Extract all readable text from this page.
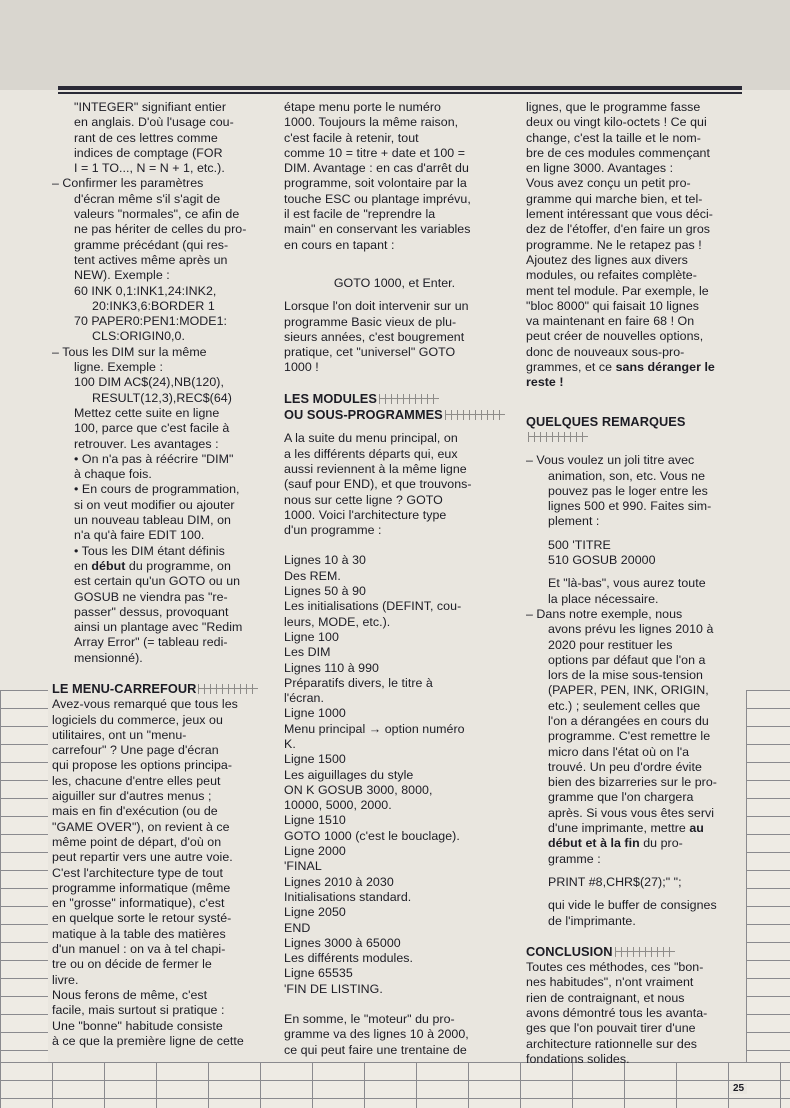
25

"INTEGER" signifiant entier

en anglais. D'où l'usage cou-

rant de ces lettres comme

indices de comptage (FOR

I = 1 TO..., N = N + 1, etc.).

– Confirmer les paramètres

d'écran même s'il s'agit de

valeurs "normales", ce afin de

ne pas hériter de celles du pro-

gramme précédant (qui res-

tent actives même après un

NEW). Exemple :

60 INK 0,1:INK1,24:INK2,

20:INK3,6:BORDER 1

70 PAPER0:PEN1:MODE1:

CLS:ORIGIN0,0.

– Tous les DIM sur la même

ligne. Exemple :

100 DIM AC$(24),NB(120),

RESULT(12,3),REC$(64)

Mettez cette suite en ligne

100, parce que c'est facile à

retrouver. Les avantages :

• On n'a pas à réécrire "DIM"

à chaque fois.

• En cours de programmation,

si on veut modifier ou ajouter

un nouveau tableau DIM, on

n'a qu'à faire EDIT 100.

• Tous les DIM étant définis

en début du programme, on

est certain qu'un GOTO ou un

GOSUB ne viendra pas "re-

passer" dessus, provoquant

ainsi un plantage avec "Redim

Array Error" (= tableau redi-

mensionné).

LE MENU-CARREFOUR

Avez-vous remarqué que tous les

logiciels du commerce, jeux ou

utilitaires, ont un "menu-

carrefour" ? Une page d'écran

qui propose les options principa-

les, chacune d'entre elles peut

aiguiller sur d'autres menus ;

mais en fin d'exécution (ou de

"GAME OVER"), on revient à ce

même point de départ, d'où on

peut repartir vers une autre voie.

C'est l'architecture type de tout

programme informatique (même

en "grosse" informatique), c'est

en quelque sorte le retour systé-

matique à la table des matières

d'un manuel : on va à tel chapi-

tre ou on décide de fermer le

livre.

Nous ferons de même, c'est

facile, mais surtout si pratique :

Une "bonne" habitude consiste

à ce que la première ligne de cette

étape menu porte le numéro

1000. Toujours la même raison,

c'est facile à retenir, tout

comme 10 = titre + date et 100 =

DIM. Avantage : en cas d'arrêt du

programme, soit volontaire par la

touche ESC ou plantage imprévu,

il est facile de "reprendre la

main" en conservant les variables

en cours en tapant :

GOTO 1000, et Enter.

Lorsque l'on doit intervenir sur un

programme Basic vieux de plu-

sieurs années, c'est bougrement

pratique, cet "universel" GOTO

1000 !

LES MODULES

OU SOUS-PROGRAMMES

A la suite du menu principal, on

a les différents départs qui, eux

aussi reviennent à la même ligne

(sauf pour END), et que trouvons-

nous sur cette ligne ? GOTO

1000. Voici l'architecture type

d'un programme :

Lignes 10 à 30

Des REM.

Lignes 50 à 90

Les initialisations (DEFINT, cou-

leurs, MODE, etc.).

Ligne 100

Les DIM

Lignes 110 à 990

Préparatifs divers, le titre à

l'écran.

Ligne 1000

Menu principal → option numéro

K.

Ligne 1500

Les aiguillages du style

ON K GOSUB 3000, 8000,

10000, 5000, 2000.

Ligne 1510

GOTO 1000 (c'est le bouclage).

Ligne 2000

'FINAL

Lignes 2010 à 2030

Initialisations standard.

Ligne 2050

END

Lignes 3000 à 65000

Les différents modules.

Ligne 65535

'FIN DE LISTING.

En somme, le "moteur" du pro-

gramme va des lignes 10 à 2000,

ce qui peut faire une trentaine de

lignes, que le programme fasse

deux ou vingt kilo-octets ! Ce qui

change, c'est la taille et le nom-

bre de ces modules commençant

en ligne 3000. Avantages :

Vous avez conçu un petit pro-

gramme qui marche bien, et tel-

lement intéressant que vous déci-

dez de l'étoffer, d'en faire un gros

programme. Ne le retapez pas !

Ajoutez des lignes aux divers

modules, ou refaites complète-

ment tel module. Par exemple, le

"bloc 8000" qui faisait 10 lignes

va maintenant en faire 68 ! On

peut créer de nouvelles options,

donc de nouveaux sous-pro-

grammes, et ce sans déranger le

reste !

QUELQUES REMARQUES

– Vous voulez un joli titre avec

animation, son, etc. Vous ne

pouvez pas le loger entre les

lignes 500 et 990. Faites sim-

plement :

500 'TITRE

510 GOSUB 20000

Et "là-bas", vous aurez toute

la place nécessaire.

– Dans notre exemple, nous

avons prévu les lignes 2010 à

2020 pour restituer les

options par défaut que l'on a

lors de la mise sous-tension

(PAPER, PEN, INK, ORIGIN,

etc.) ; seulement celles que

l'on a dérangées en cours du

programme. C'est remettre le

micro dans l'état où on l'a

trouvé. Un peu d'ordre évite

bien des bizarreries sur le pro-

gramme que l'on chargera

après. Si vous vous êtes servi

d'une imprimante, mettre au

début et à la fin du pro-

gramme :

PRINT #8,CHR$(27);" ";

qui vide le buffer de consignes

de l'imprimante.

CONCLUSION

Toutes ces méthodes, ces "bon-

nes habitudes", n'ont vraiment

rien de contraignant, et nous

avons démontré tous les avanta-

ges que l'on pouvait tirer d'une

architecture rationnelle sur des

fondations solides.
